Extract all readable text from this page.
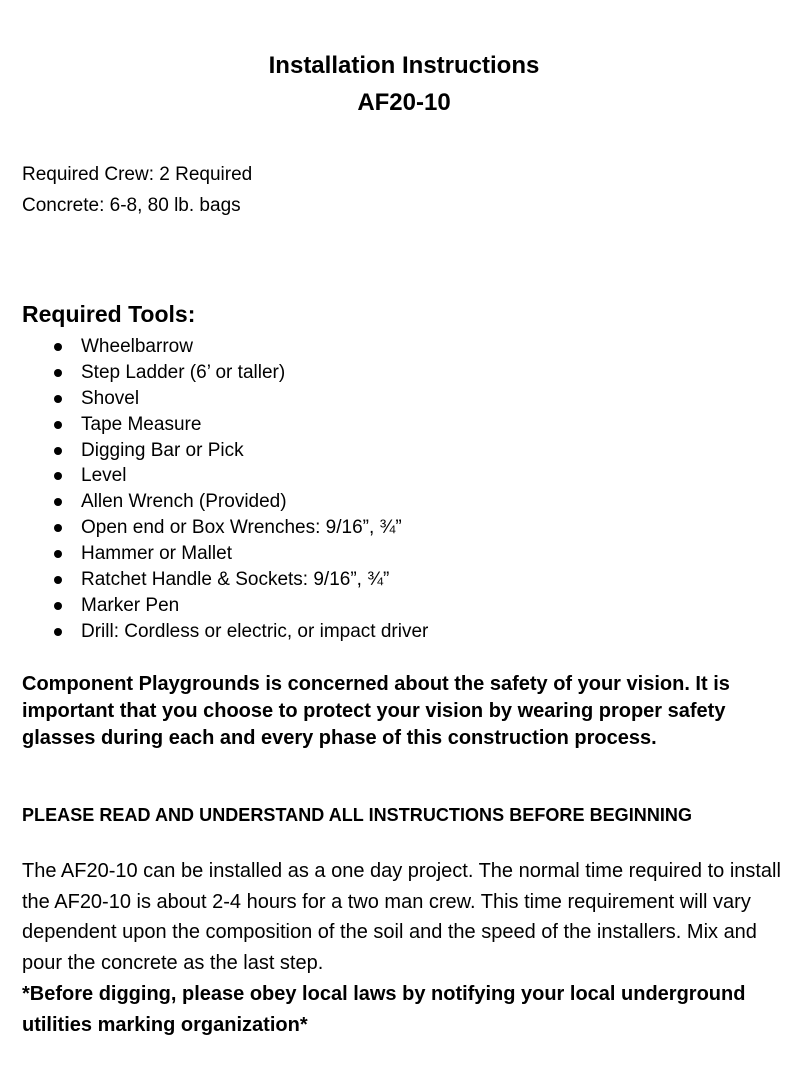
Installation Instructions
AF20-10
Required Crew: 2 Required
Concrete: 6-8, 80 lb. bags
Required Tools:
Wheelbarrow
Step Ladder (6’ or taller)
Shovel
Tape Measure
Digging Bar or Pick
Level
Allen Wrench (Provided)
Open end or Box Wrenches: 9/16”, ¾”
Hammer or Mallet
Ratchet Handle & Sockets: 9/16”, ¾”
Marker Pen
Drill: Cordless or electric, or impact driver
Component Playgrounds is concerned about the safety of your vision. It is important that you choose to protect your vision by wearing proper safety glasses during each and every phase of this construction process.
PLEASE READ AND UNDERSTAND ALL INSTRUCTIONS BEFORE BEGINNING
The AF20-10 can be installed as a one day project. The normal time required to install the AF20-10 is about 2-4 hours for a two man crew. This time requirement will vary dependent upon the composition of the soil and the speed of the installers. Mix and pour the concrete as the last step.
*Before digging, please obey local laws by notifying your local underground utilities marking organization*
